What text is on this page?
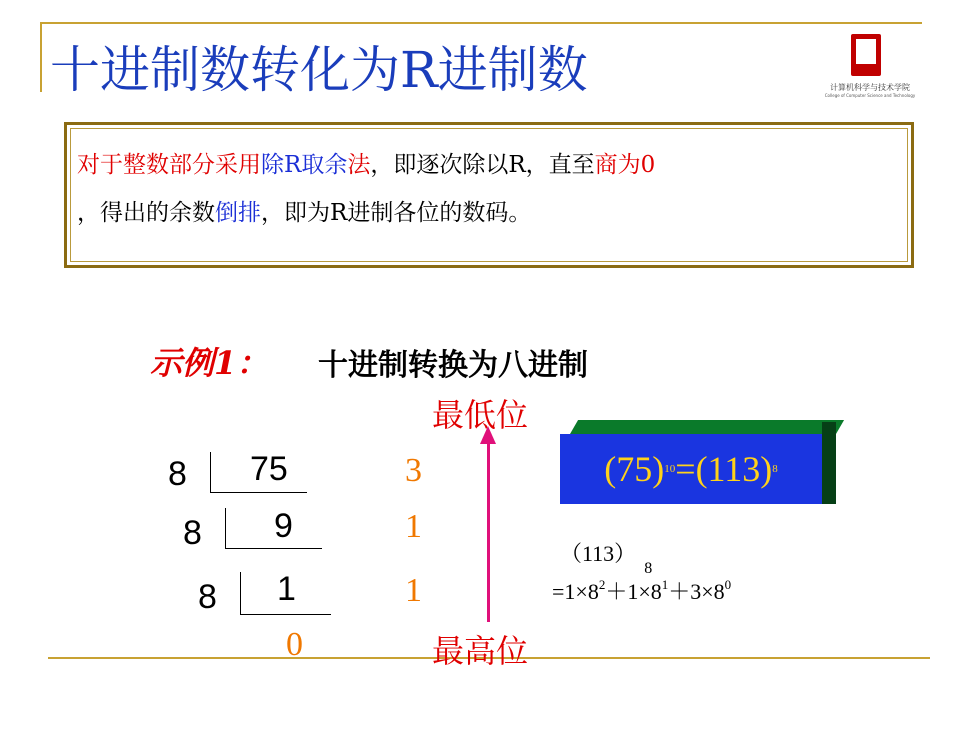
十进制数转化为R进制数	计算机科学与技术学院
College of Computer Science and Technology
对于整数部分采用除R取余法，即逐次除以R，直至商为0
，得出的余数倒排，即为R进制各位的数码。
示例1： 十进制转换为八进制
最低位
最高位
8 75	3
8 9	1
8 1	1
0
(75) 10 =(113) 8
$(113)_8$
$=1\times 8^2+1\times 8^1+3\times 8^0$
